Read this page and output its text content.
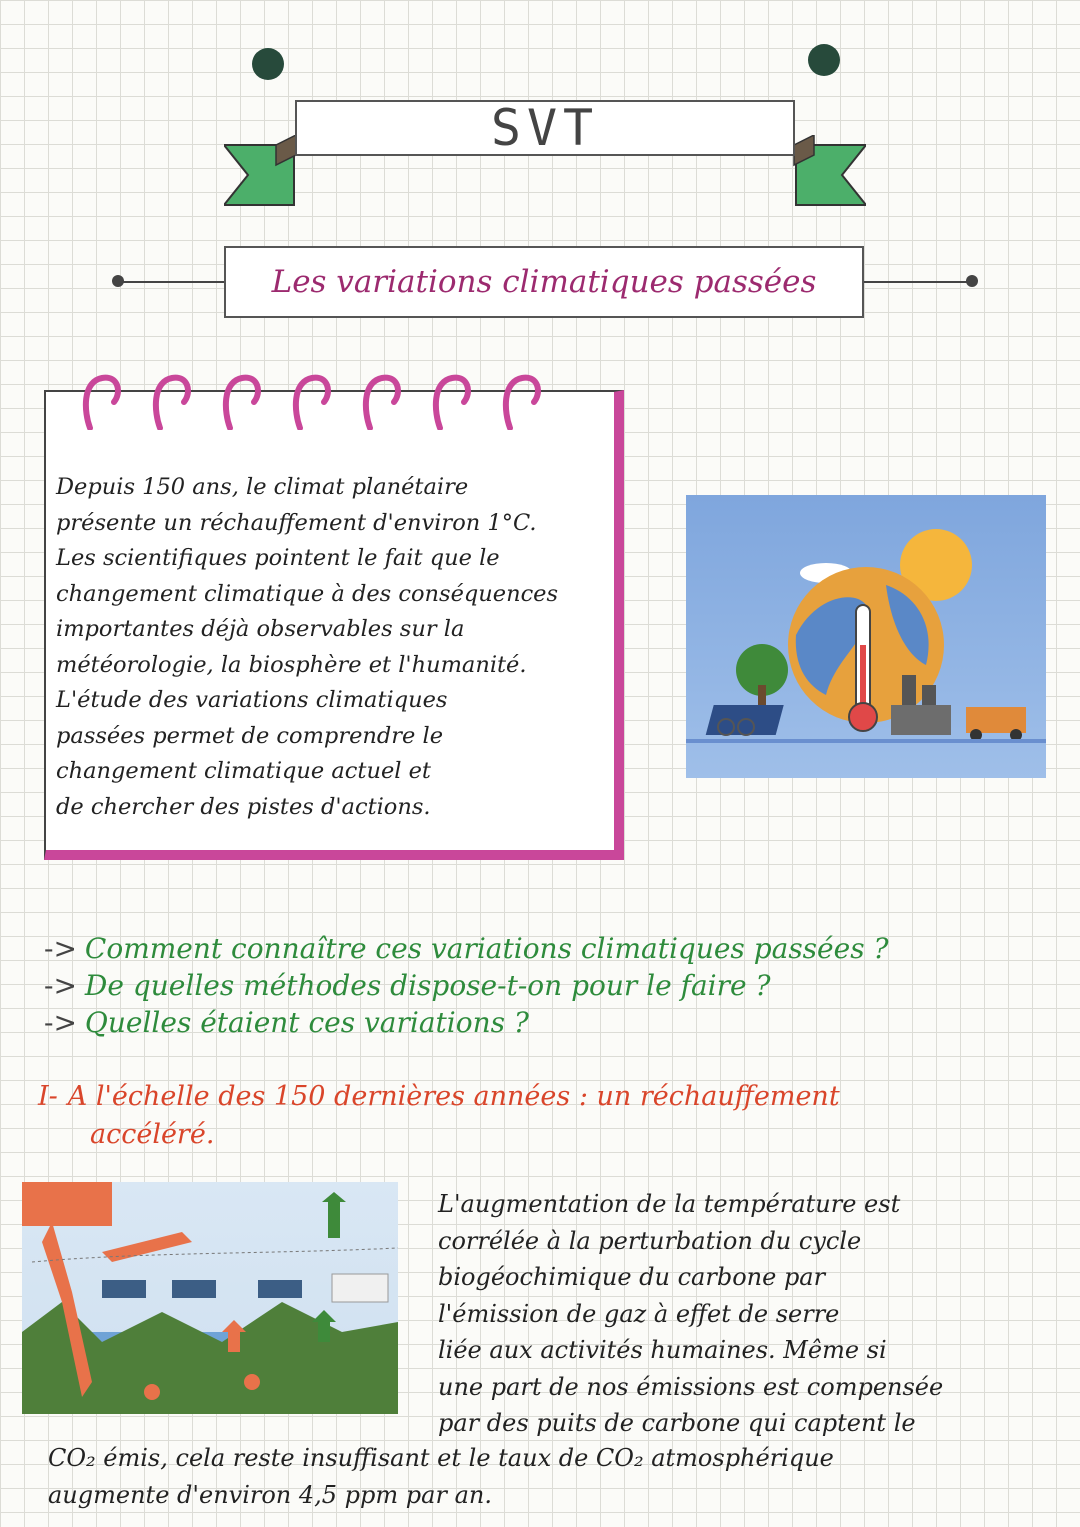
SVT
Les variations climatiques passées
Depuis 150 ans, le climat planétaire
présente un réchauffement d'environ 1°C.
Les scientifiques pointent le fait que le
changement climatique à des conséquences
importantes déjà observables sur la
météorologie, la biosphère et l'humanité.
L'étude des variations climatiques
passées permet de comprendre le
changement climatique actuel et
de chercher des pistes d'actions.
-> Comment connaître ces variations climatiques passées ?
-> De quelles méthodes dispose-t-on pour le faire ?
-> Quelles étaient ces variations ?
I- A l'échelle des 150 dernières années : un réchauffement
accéléré.
L'augmentation de la température est
corrélée à la perturbation du cycle
biogéochimique du carbone par
l'émission de gaz à effet de serre
liée aux activités humaines. Même si
une part de nos émissions est compensée
par des puits de carbone qui captent le
CO₂ émis, cela reste insuffisant et le taux de CO₂ atmosphérique
augmente d'environ 4,5 ppm par an.
